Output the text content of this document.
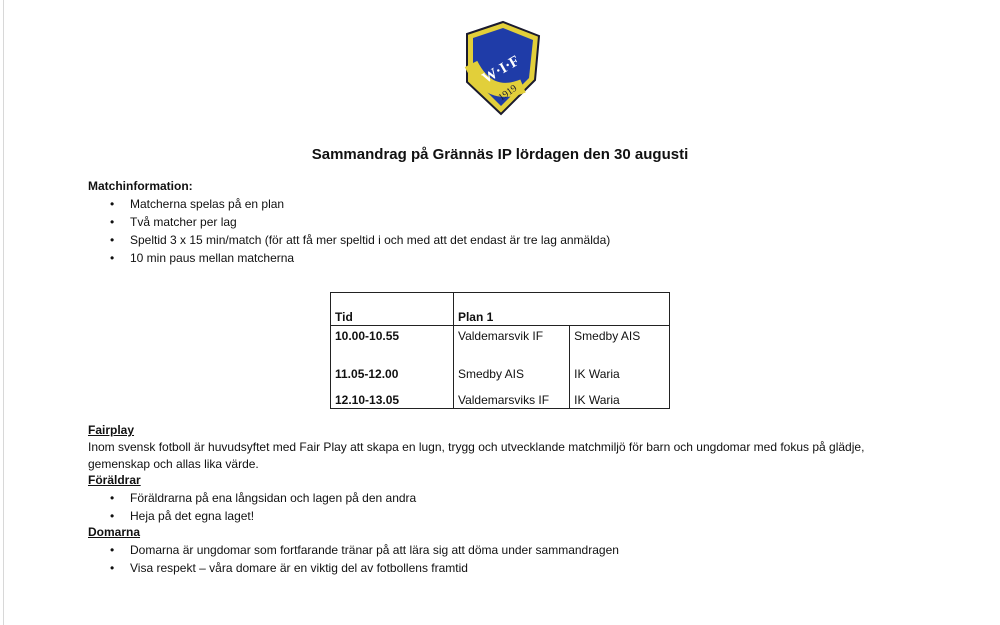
W·I·F
1919
Sammandrag på Grännäs IP lördagen den 30 augusti
Matchinformation:
• Matcherna spelas på en plan
• Två matcher per lag
• Speltid 3 x 15 min/match (för att få mer speltid i och med att det endast är tre lag anmälda)
• 10 min paus mellan matcherna
Tid	Plan 1	
10.00-10.55	Valdemarsvik IF	Smedby AIS
11.05-12.00	Smedby AIS	IK Waria
12.10-13.05	Valdemarsviks IF	IK Waria
Fairplay
Inom svensk fotboll är huvudsyftet med Fair Play att skapa en lugn, trygg och utvecklande matchmiljö för barn och ungdomar med fokus på glädje, gemenskap och allas lika värde.
Föräldrar
• Föräldrarna på ena långsidan och lagen på den andra
• Heja på det egna laget!
Domarna
• Domarna är ungdomar som fortfarande tränar på att lära sig att döma under sammandragen
• Visa respekt – våra domare är en viktig del av fotbollens framtid
